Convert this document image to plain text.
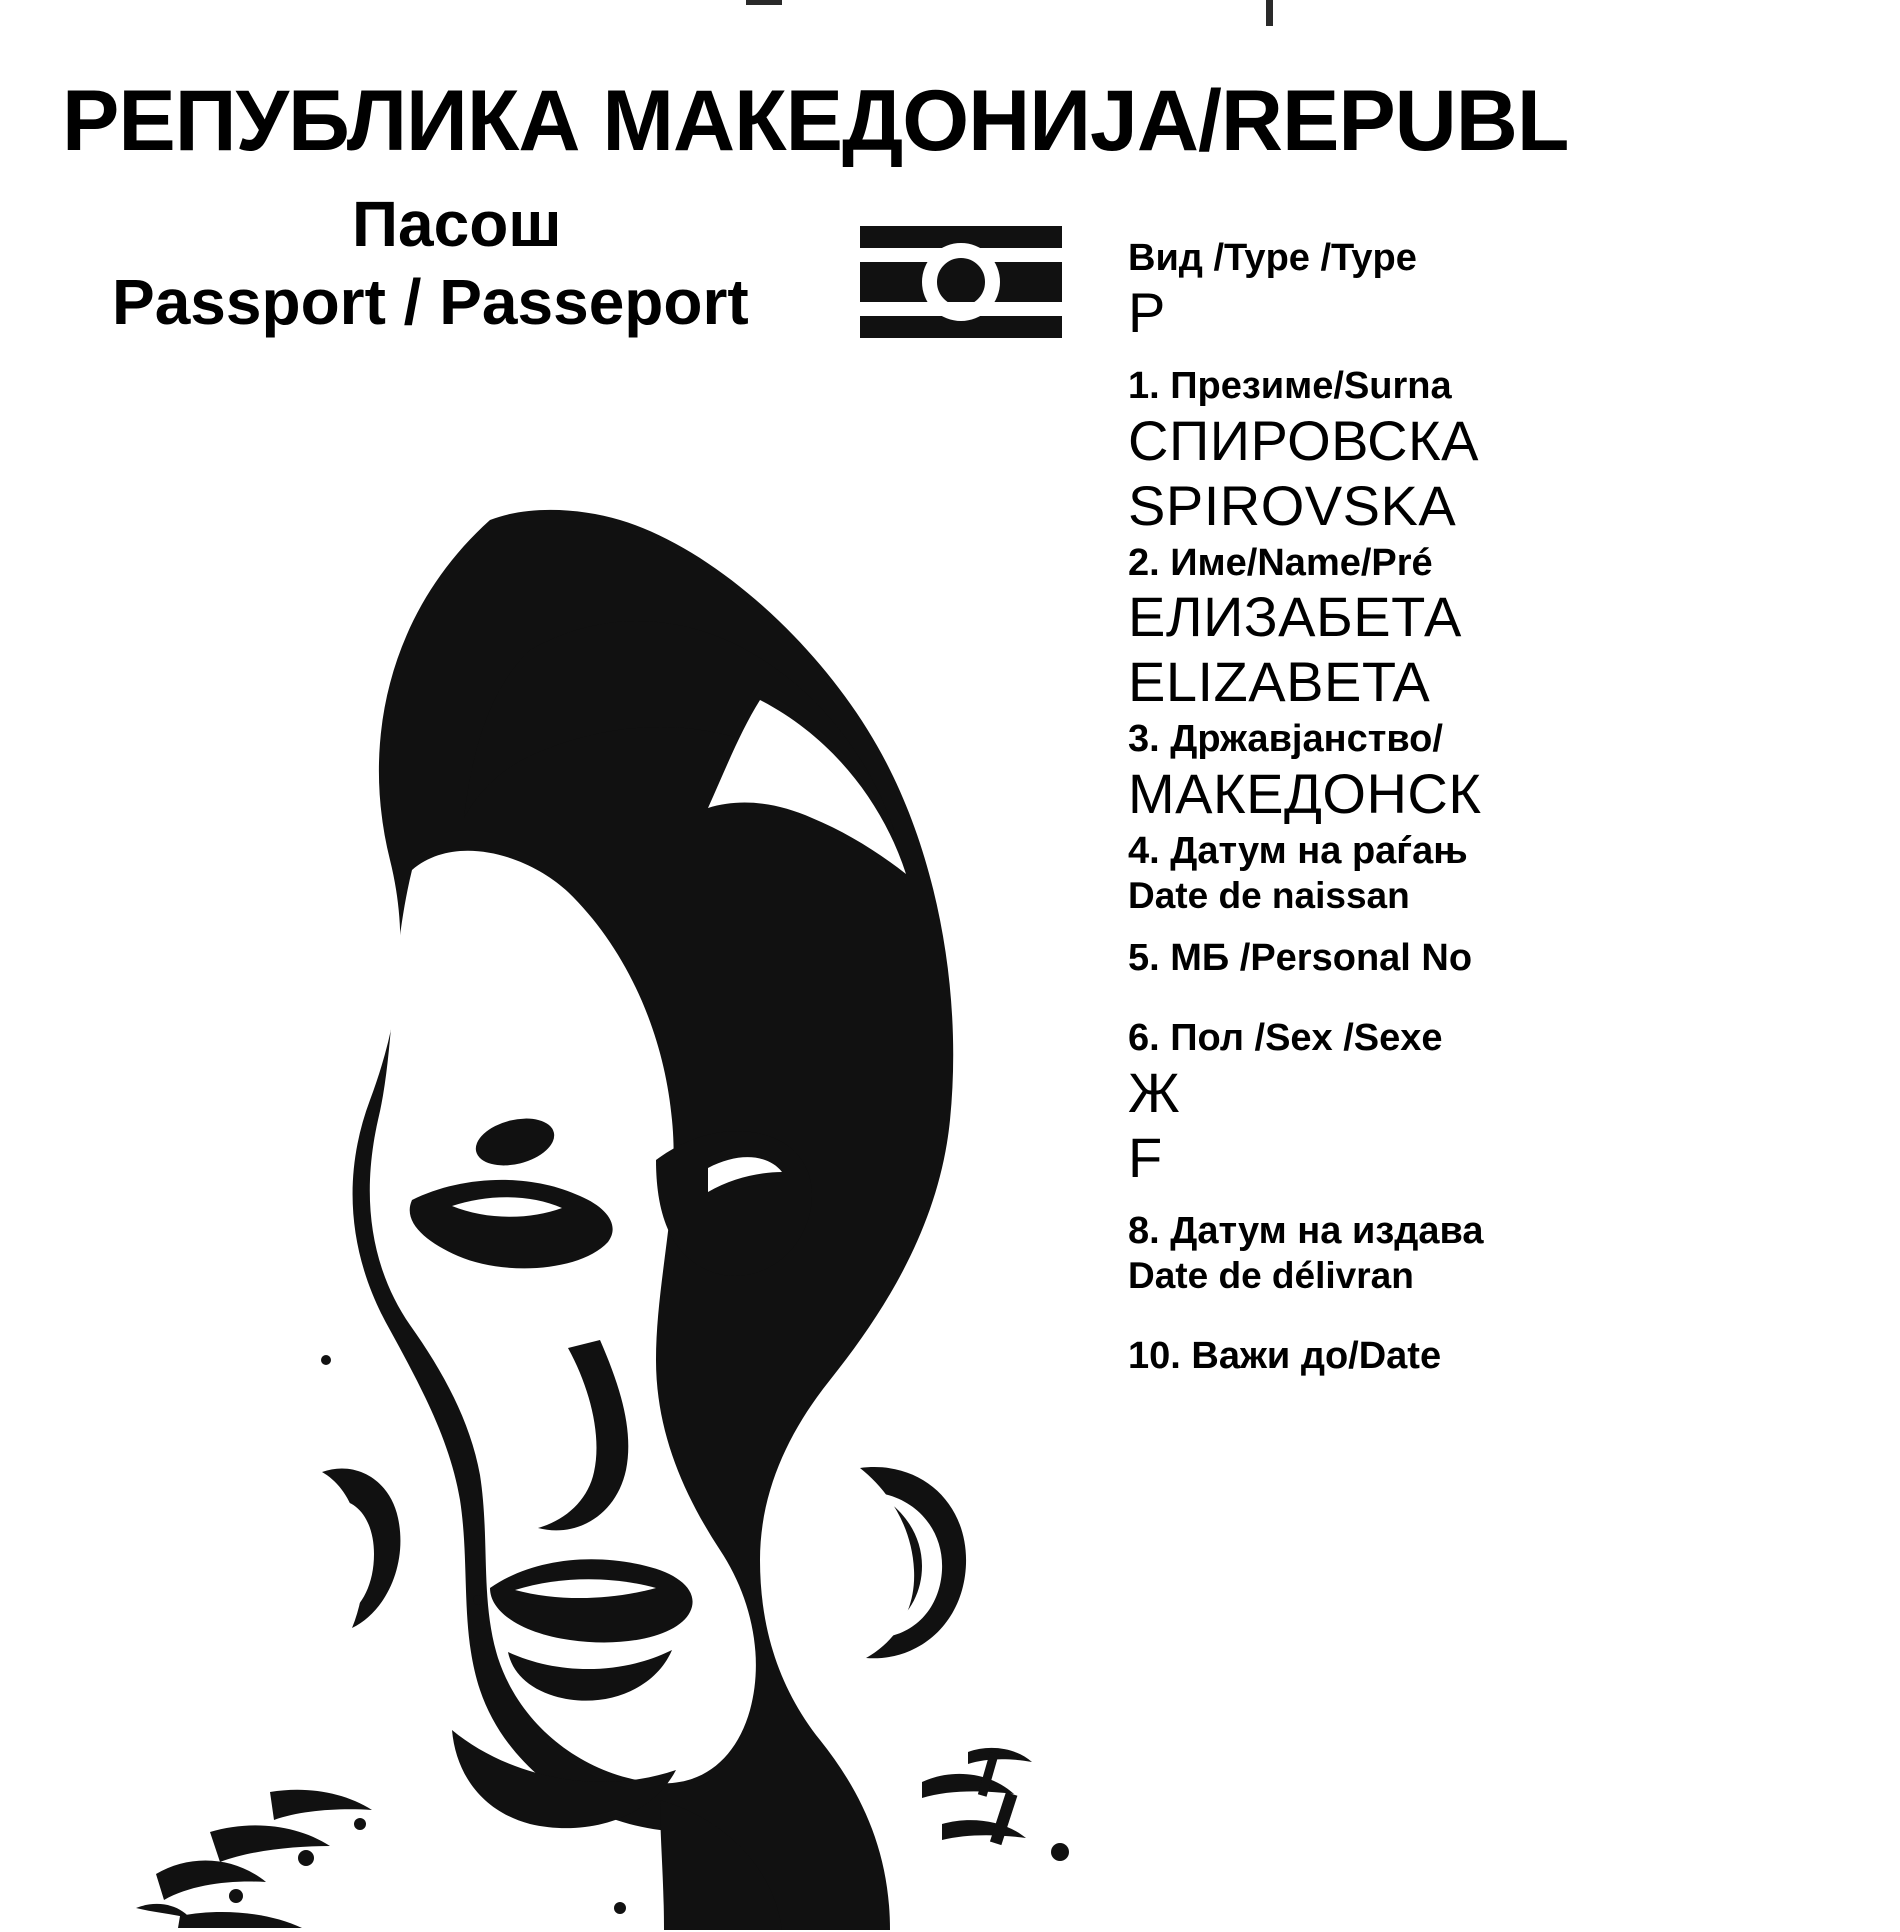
РЕПУБЛИКА МАКЕДОНИЈА/REPUBL
Пасош
Passport / Passeport
Вид /Type /Type
P
1. Презиме/Surna
СПИРОВСКА
SPIROVSKA
2. Име/Name/Pré
ЕЛИЗАБЕТА
ELIZABETA
3. Државјанство/
МАКЕДОНСК
4. Датум на раѓањ
Date de naissan
5. МБ /Personal No
6. Пол /Sex /Sexe
Ж
F
8. Датум на издава
Date de délivran
10. Важи до/Date
